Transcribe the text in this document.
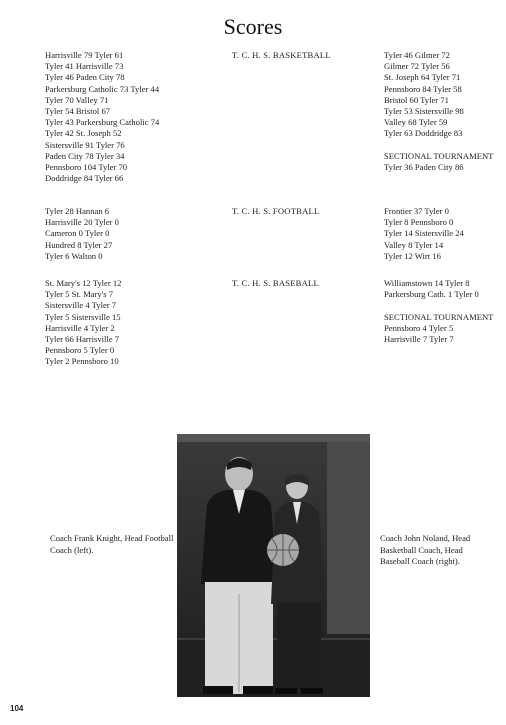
Scores
Harrisville 79 Tyler 61
Tyler 41 Harrisville 73
Tyler 46 Paden City 78
Parkersburg Catholic 73 Tyler 44
Tyler 70 Valley 71
Tyler 54 Bristol 67
Tyler 43 Parkersburg Catholic 74
Tyler 42 St. Joseph 52
Sistersville 91 Tyler 76
Paden City 78 Tyler 34
Pennsboro 104 Tyler 70
Doddridge 84 Tyler 66
T. C. H. S. BASKETBALL	Tyler 46 Gilmer 72
Gilmer 72 Tyler 56
St. Joseph 64 Tyler 71
Pennsboro 84 Tyler 58
Bristol 60 Tyler 71
Tyler 53 Sistersville 98
Valley 68 Tyler 59
Tyler 63 Doddridge 83
SECTIONAL TOURNAMENT
Tyler 36 Paden City 86
Tyler 28 Hannan 6
Harrisville 20 Tyler 0
Cameron 0 Tyler 0
Hundred 8 Tyler 27
Tyler 6 Walton 0
T. C. H. S. FOOTBALL	Frontier 37 Tyler 0
Tyler 8 Pennsboro 0
Tyler 14 Sistersville 24
Valley 8 Tyler 14
Tyler 12 Wirt 16
St. Mary's 12 Tyler 12
Tyler 5 St. Mary's 7
Sistersville 4 Tyler 7
Tyler 5 Sistersville 15
Harrisville 4 Tyler 2
Tyler 66 Harrisville 7
Pennsboro 5 Tyler 0
Tyler 2 Pennsboro 10
T. C. H. S. BASEBALL	Williamstown 14 Tyler 8
Parkersburg Cath. 1 Tyler 0
SECTIONAL TOURNAMENT
Pennsboro 4 Tyler 5
Harrisville 7 Tyler 7
Coach Frank Knight, Head Football Coach (left).
Coach John Noland, Head Basketball Coach, Head Baseball Coach (right).
104
